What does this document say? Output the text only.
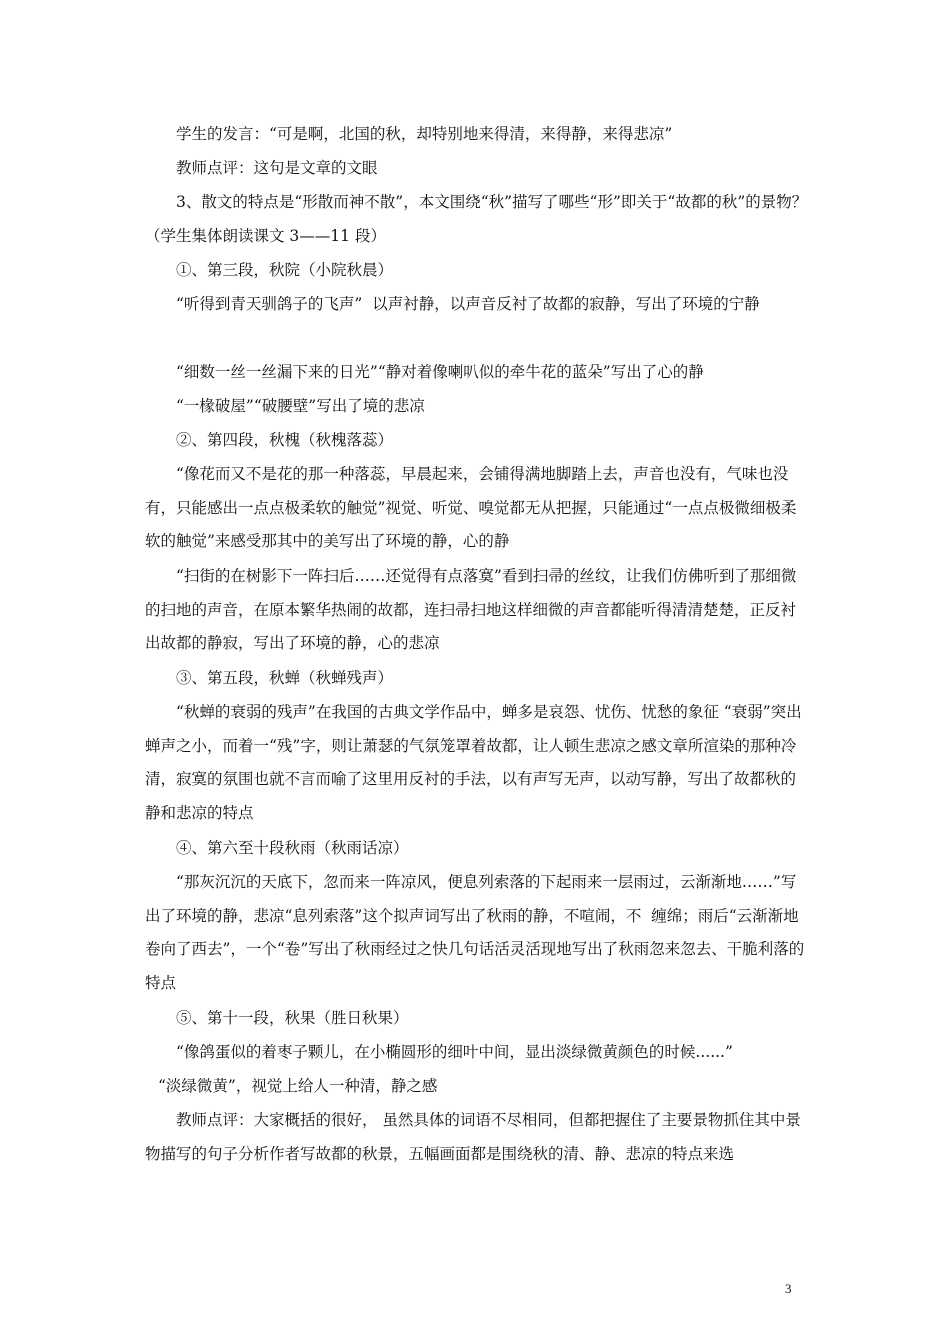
学生的发言：“可是啊，北国的秋，却特别地来得清，来得静，来得悲凉”
教师点评：这句是文章的文眼
3、散文的特点是“形散而神不散”，本文围绕“秋”描写了哪些“形”即关于“故都的秋”的景物？（学生集体朗读课文 3——11 段）
①、第三段，秋院（小院秋晨）
“听得到青天驯鸽子的飞声”  以声衬静，以声音反衬了故都的寂静，写出了环境的宁静
“细数一丝一丝漏下来的日光”“静对着像喇叭似的牵牛花的蓝朵”写出了心的静
“一椽破屋”“破腰壁”写出了境的悲凉
②、第四段，秋槐（秋槐落蕊）
“像花而又不是花的那一种落蕊，早晨起来，会铺得满地脚踏上去，声音也没有，气味也没有，只能感出一点点极柔软的触觉”视觉、听觉、嗅觉都无从把握，只能通过“一点点极微细极柔软的触觉”来感受那其中的美写出了环境的静，心的静
“扫街的在树影下一阵扫后……还觉得有点落寞”看到扫帚的丝纹，让我们仿佛听到了那细微的扫地的声音，在原本繁华热闹的故都，连扫帚扫地这样细微的声音都能听得清清楚楚，正反衬出故都的静寂，写出了环境的静，心的悲凉
③、第五段，秋蝉（秋蝉残声）
“秋蝉的衰弱的残声”在我国的古典文学作品中，蝉多是哀怨、忧伤、忧愁的象征 “衰弱”突出蝉声之小，而着一“残”字，则让萧瑟的气氛笼罩着故都，让人顿生悲凉之感文章所渲染的那种冷清，寂寞的氛围也就不言而喻了这里用反衬的手法，以有声写无声，以动写静，写出了故都秋的静和悲凉的特点
④、第六至十段秋雨（秋雨话凉）
“那灰沉沉的天底下，忽而来一阵凉风，便息列索落的下起雨来一层雨过，云渐渐地……”写出了环境的静，悲凉“息列索落”这个拟声词写出了秋雨的静，不喧闹，不  缠绵；雨后“云渐渐地卷向了西去”，一个“卷”写出了秋雨经过之快几句话活灵活现地写出了秋雨忽来忽去、干脆利落的特点
⑤、第十一段，秋果（胜日秋果）
“像鸽蛋似的着枣子颗儿，在小椭圆形的细叶中间，显出淡绿微黄颜色的时候......”
“淡绿微黄”，视觉上给人一种清，静之感
教师点评：大家概括的很好， 虽然具体的词语不尽相同，但都把握住了主要景物抓住其中景物描写的句子分析作者写故都的秋景，五幅画面都是围绕秋的清、静、悲凉的特点来选
3
